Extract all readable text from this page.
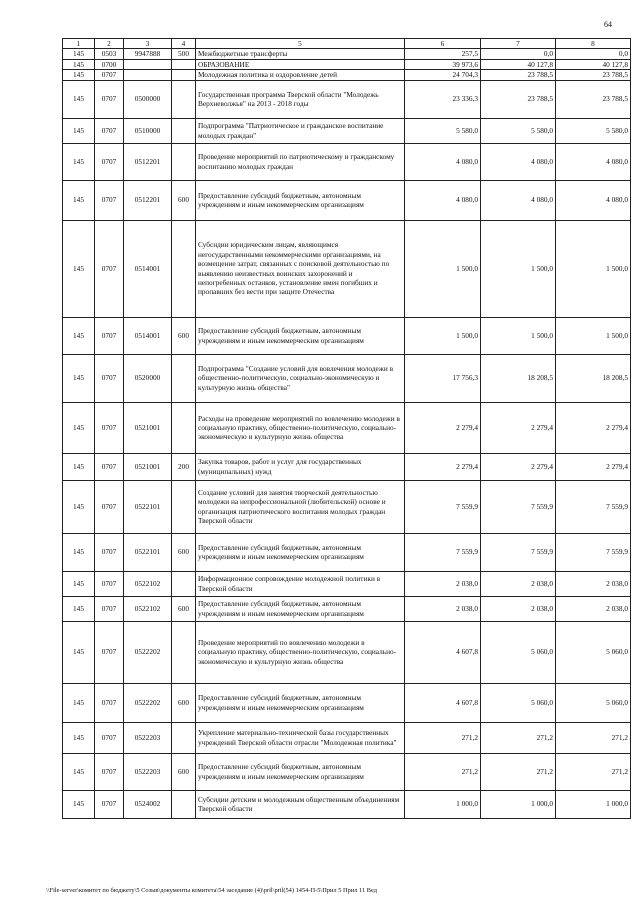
64
1	2	3	4	5	6	7	8
145	0503	9947888	500	Межбюджетные трансферты	257,5	0,0	0,0
145	0700			ОБРАЗОВАНИЕ	39 973,6	40 127,8	40 127,8
145	0707			Молодежная политика и оздоровление детей	24 704,3	23 788,5	23 788,5
145	0707	0500000		Государственная программа Тверской области "Молодежь Верхневолжья" на 2013 - 2018 годы	23 336,3	23 788,5	23 788,5
145	0707	0510000		Подпрограмма "Патриотическое и гражданское воспитание молодых граждан"	5 580,0	5 580,0	5 580,0
145	0707	0512201		Проведение мероприятий по патриотическому и гражданскому воспитанию молодых граждан	4 080,0	4 080,0	4 080,0
145	0707	0512201	600	Предоставление субсидий бюджетным, автономным учреждениям и иным некоммерческим организациям	4 080,0	4 080,0	4 080,0
145	0707	0514001		Субсидии юридическим лицам, являющимся негосударственными некоммерческими организациями, на возмещение затрат, связанных с поисковой деятельностью по выявлению неизвестных воинских захоронений и непогребенных останков, установление имен погибших и пропавших без вести при защите Отечества	1 500,0	1 500,0	1 500,0
145	0707	0514001	600	Предоставление субсидий бюджетным, автономным учреждениям и иным некоммерческим организациям	1 500,0	1 500,0	1 500,0
145	0707	0520000		Подпрограмма "Создание условий для вовлечения молодежи в общественно-политическую, социально-экономическую и культурную жизнь общества"	17 756,3	18 208,5	18 208,5
145	0707	0521001		Расходы на проведение мероприятий по вовлечению молодежи в социальную практику, общественно-политическую, социально-экономическую и культурную жизнь общества	2 279,4	2 279,4	2 279,4
145	0707	0521001	200	Закупка товаров, работ и услуг для государственных (муниципальных) нужд	2 279,4	2 279,4	2 279,4
145	0707	0522101		Создание условий для занятия творческой деятельностью молодежи на непрофессиональной (любительской) основе и организация патриотического воспитания молодых граждан Тверской области	7 559,9	7 559,9	7 559,9
145	0707	0522101	600	Предоставление субсидий бюджетным, автономным учреждениям и иным некоммерческим организациям	7 559,9	7 559,9	7 559,9
145	0707	0522102		Информационное сопровождение молодежной политики в Тверской области	2 038,0	2 038,0	2 038,0
145	0707	0522102	600	Предоставление субсидий бюджетным, автономным учреждениям и иным некоммерческим организациям	2 038,0	2 038,0	2 038,0
145	0707	0522202		Проведение мероприятий по вовлечению молодежи в социальную практику, общественно-политическую, социально-экономическую и культурную жизнь общества	4 607,8	5 060,0	5 060,0
145	0707	0522202	600	Предоставление субсидий бюджетным, автономным учреждениям и иным некоммерческим организациям	4 607,8	5 060,0	5 060,0
145	0707	0522203		Укрепление материально-технической базы государственных учреждений Тверской области отрасли "Молодежная политика"	271,2	271,2	271,2
145	0707	0522203	600	Предоставление субсидий бюджетным, автономным учреждениям и иным некоммерческим организациям	271,2	271,2	271,2
145	0707	0524002		Субсидии детским и молодежным общественным объединениям Тверской области	1 000,0	1 000,0	1 000,0
\\File-server\комитет по бюджету\5 Созыв\документы комитета\54 заседание (4)\pril\pril(54) 1454-П-5\Прил 5 Прил 11 Вед
